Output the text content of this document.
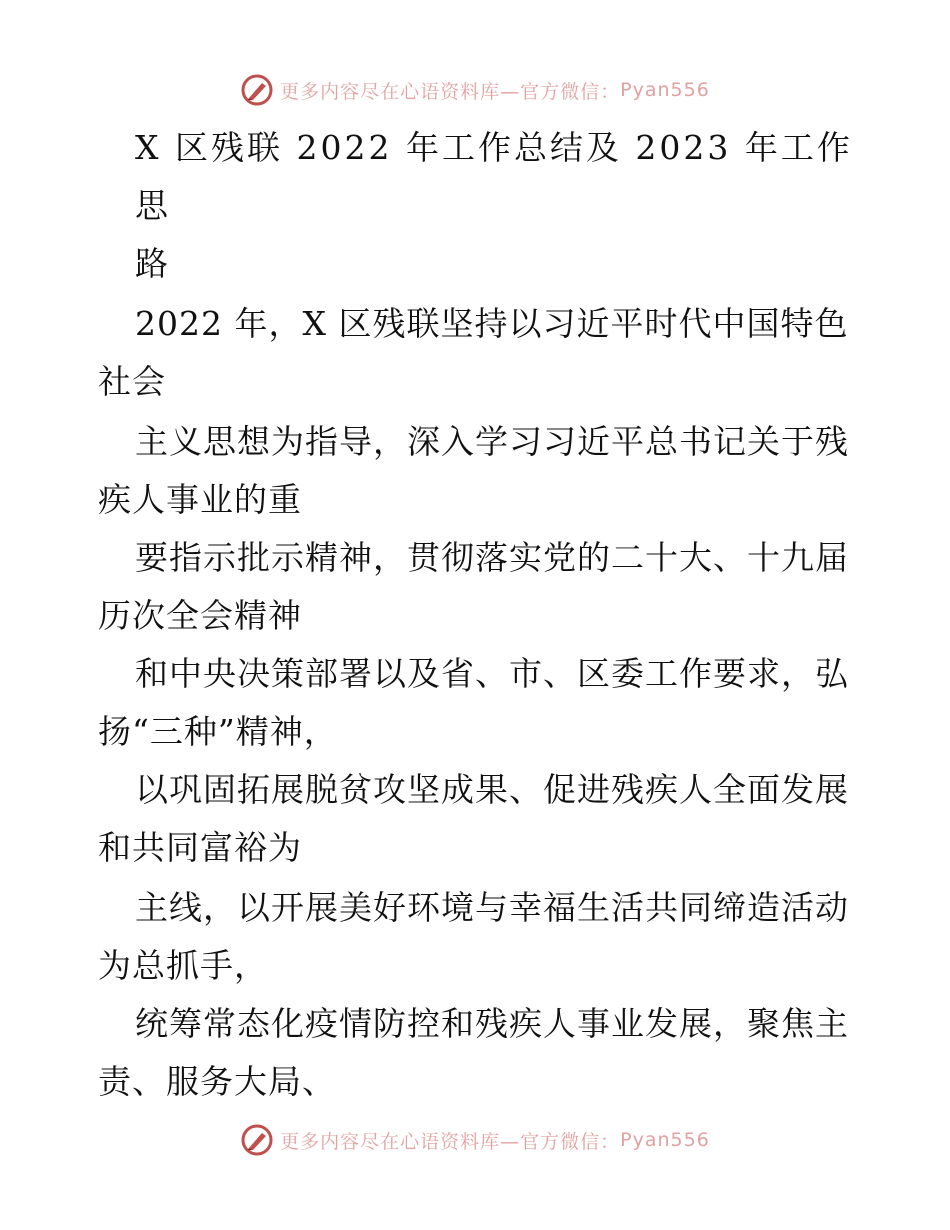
更多内容尽在心语资料库—官方微信： Pyan556
X 区残联 2022 年工作总结及 2023 年工作
思
路
2022 年，X 区残联坚持以习近平时代中国特色
社会
主义思想为指导，深入学习习近平总书记关于残
疾人事业的重
要指示批示精神，贯彻落实党的二十大、十九届
历次全会精神
和中央决策部署以及省、市、区委工作要求，弘
扬“三种”精神，
以巩固拓展脱贫攻坚成果、促进残疾人全面发展
和共同富裕为
主线，以开展美好环境与幸福生活共同缔造活动
为总抓手，
统筹常态化疫情防控和残疾人事业发展，聚焦主
责、服务大局、
更多内容尽在心语资料库—官方微信： Pyan556
